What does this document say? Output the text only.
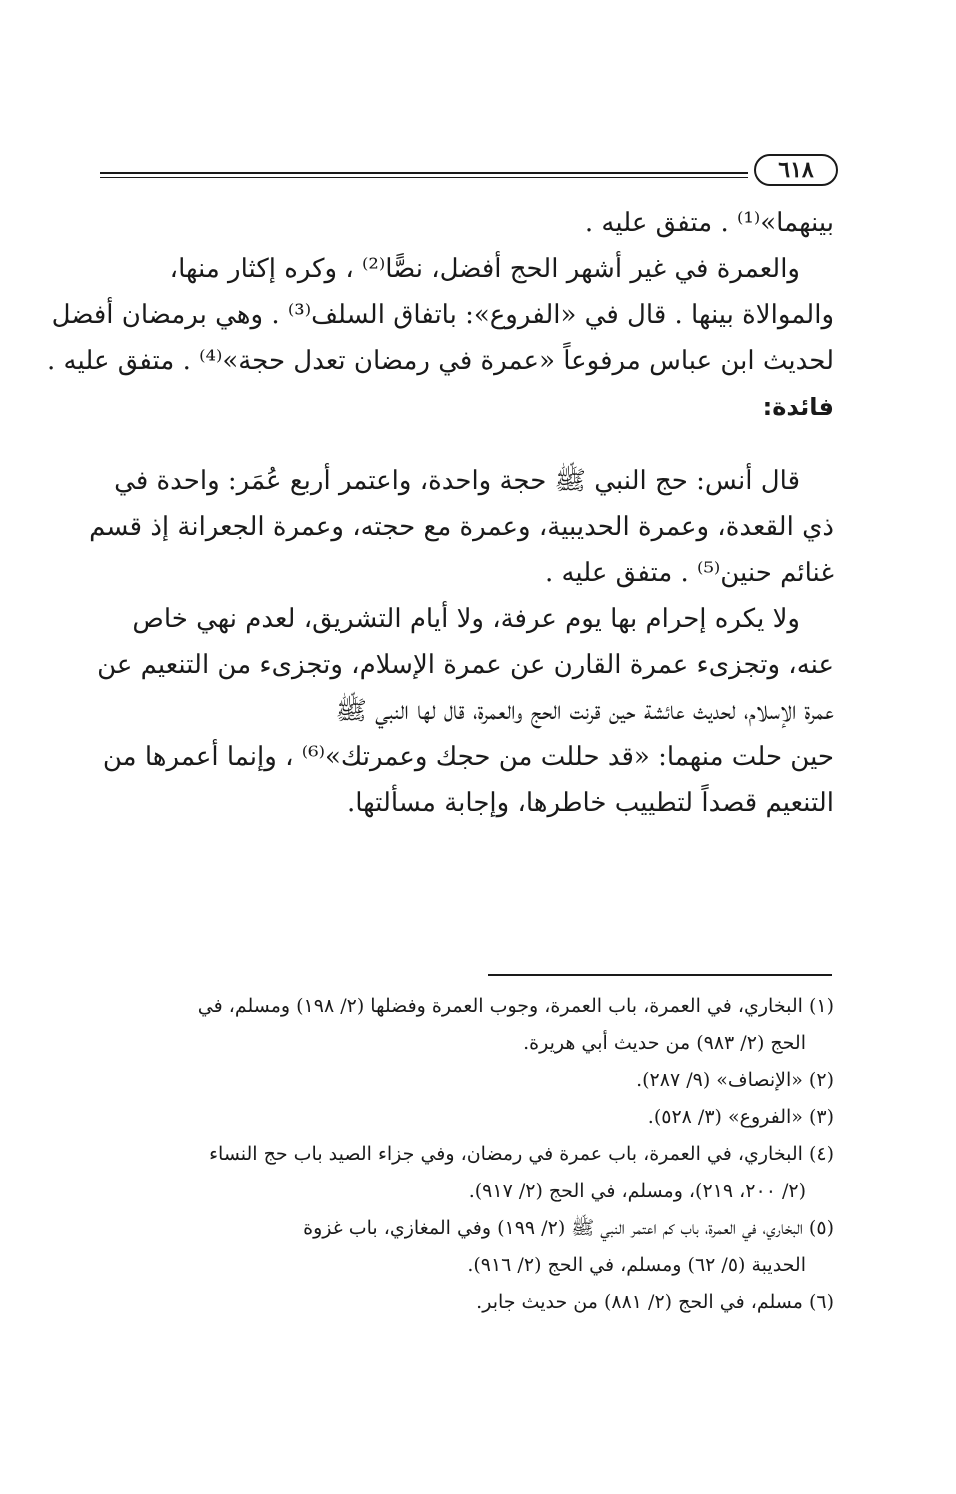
٦١٨
بينهما»⁽¹⁾ . متفق عليه .
والعمرة في غير أشهر الحج أفضل، نصًّا⁽²⁾ ، وكره إكثار منها،
والموالاة بينها . قال في «الفروع»: باتفاق السلف⁽³⁾ . وهي برمضان أفضل
لحديث ابن عباس مرفوعاً «عمرة في رمضان تعدل حجة»⁽⁴⁾ . متفق عليه .
فائدة:
قال أنس: حج النبي ﷺ حجة واحدة، واعتمر أربع عُمَر: واحدة في
ذي القعدة، وعمرة الحديبية، وعمرة مع حجته، وعمرة الجعرانة إذ قسم
غنائم حنين⁽⁵⁾ . متفق عليه .
ولا يكره إحرام بها يوم عرفة، ولا أيام التشريق، لعدم نهي خاص
عنه، وتجزىء عمرة القارن عن عمرة الإسلام، وتجزىء من التنعيم عن
عمرة الإسلام، لحديث عائشة حين قرنت الحج والعمرة، قال لها النبي ﷺ
حين حلت منهما: «قد حللت من حجك وعمرتك»⁽⁶⁾ ، وإنما أعمرها من
التنعيم قصداً لتطييب خاطرها، وإجابة مسألتها.
(١) البخاري، في العمرة، باب العمرة، وجوب العمرة وفضلها (٢/ ١٩٨) ومسلم، في
الحج (٢/ ٩٨٣) من حديث أبي هريرة.
(٢) «الإنصاف» (٩/ ٢٨٧).
(٣) «الفروع» (٣/ ٥٢٨).
(٤) البخاري، في العمرة، باب عمرة في رمضان، وفي جزاء الصيد باب حج النساء
(٢/ ٢٠٠، ٢١٩)، ومسلم، في الحج (٢/ ٩١٧).
(٥) البخاري، في العمرة، باب كم اعتمر النبي ﷺ (٢/ ١٩٩) وفي المغازي، باب غزوة
الحديبة (٥/ ٦٢) ومسلم، في الحج (٢/ ٩١٦).
(٦) مسلم، في الحج (٢/ ٨٨١) من حديث جابر.
